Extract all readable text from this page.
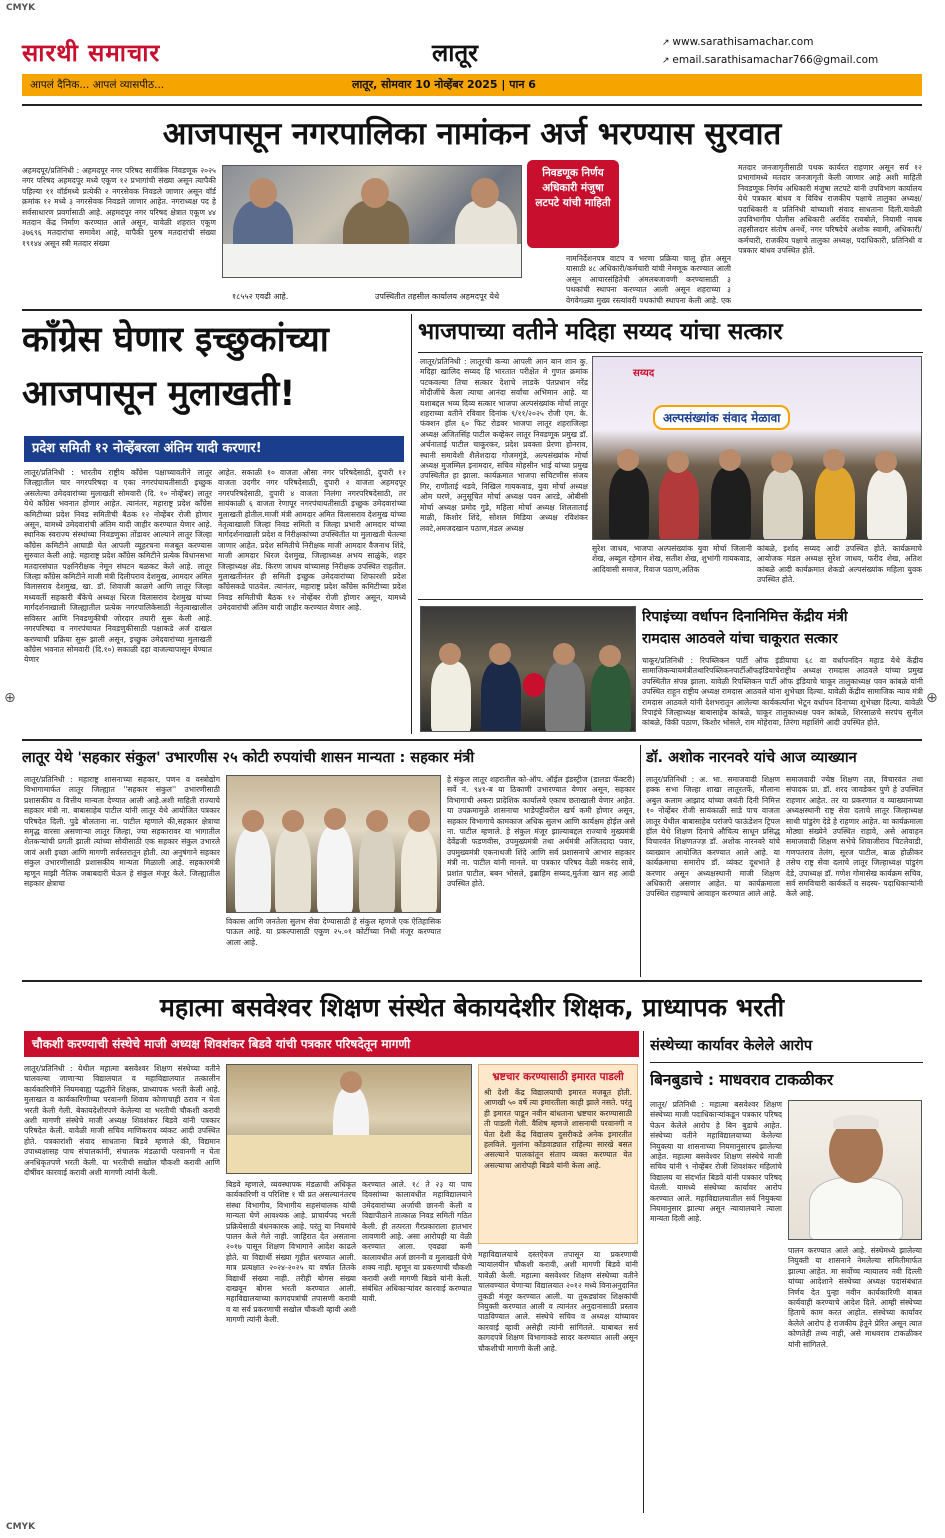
CMYK
सारथी समाचार	लातूर	↗ www.sarathisamachar.com
↗ email.sarathisamachar766@gmail.com
आपलं दैनिक... आपलं व्यासपीठ...	लातूर, सोमवार 10 नोव्हेंबर 2025 | पान 6
आजपासून नगरपालिका नामांकन अर्ज भरण्यास सुरवात
अहमदपूर/प्रतिनिधी : अहमदपूर नगर परिषद सार्वत्रिक निवडणूक २०२५ नगर परिषद अहमदपूर मध्ये एकूण १२ प्रभागांची संख्या असून त्यापैकी पहिल्या ११ वॉर्डमध्ये प्रत्येकी २ नगरसेवक निवडले जाणार असून वॉर्ड क्रमांक १२ मध्ये ३ नगरसेवक निवडले जाणार आहेत. नगराध्यक्ष पद हे सर्वसाधारण प्रवर्गासाठी आहे. अहमदपूर नगर परिषद क्षेत्रात एकूण ४४ मतदान केंद्र निर्माण करण्यात आले असून, यावेळी शहरात एकूण ३७६९६ मतदारांचा समावेश आहे, यापैकी पुरुष मतदारांची संख्या १९१४४ असून स्त्री मतदार संख्या
१८५५२ एवढी आहे.	उपस्थितीत तहसील कार्यालय अहमदपूर येथे
निवडणूक निर्णय अधिकारी मंजुषा लटपटे यांची माहिती
नामनिर्देशनपत्र वाटप व भरणा प्रक्रिया चालू होत असून यासाठी ४८ अधिकारी/कर्मचारी यांची नेमणूक करण्यात आली असून आचारसंहितेची अंमलबजावणी करण्यासाठी ३ पथकांची स्थापना करण्यात आली असून शहराच्या ३ वेगवेगळ्या मुख्य रस्त्यांवरी पथकांची स्थापना केली आहे. एक
मतदार जनजागृतीसाठी पथक कार्यरत राहणार असून सर्व १२ प्रभागांमध्ये मतदार जनजागृती केली जाणार आहे अशी माहिती निवडणूक निर्णय अधिकारी मंजुषा लटपटे यांनी उपविभाग कार्यालय येथे पत्रकार बांधव व विविध राजकीय पक्षाचे तालुका अध्यक्ष/पदाधिकारी व प्रतिनिधी यांच्याशी संवाद साधताना दिली.यावेळी उपविभागीय पोलीस अधिकारी अरविंद रायबोले, नियामी नायब तहसीलदार संतोष अनर्थे, नगर परिषदेचे अशोक स्वामी, अधिकारी/कर्मचारी, राजकीय पक्षाचे तालुका अध्यक्ष, पदाधिकारी, प्रतिनिधी व पत्रकार बांधव उपस्थित होते.
काँग्रेस घेणार इच्छुकांच्या
आजपासून मुलाखती!
प्रदेश समिती १२ नोव्हेंबरला अंतिम यादी करणार!
लातूर/प्रतिनिधी : भारतीय राष्ट्रीय काँग्रेस पक्षाच्यावतीने लातूर जिल्ह्यातील चार नगरपरिषदा व एका नगरपंचायतीसाठी इच्छुक असलेल्या उमेदवारांच्या मुलाखती सोमवारी (दि. १० नोव्हेंबर) लातूर येथे काँग्रेस भवनात होणार आहेत. त्यानंतर, महाराष्ट्र प्रदेश काँग्रेस कमिटीच्या प्रदेश निवड समितीची बैठक १२ नोव्हेंबर रोजी होणार असून, यामध्ये उमेदवारांची अंतिम यादी जाहीर करण्यात येणार आहे. स्थानिक स्वराज्य संस्थांच्या निवडणुका तोंडावर आल्याने लातूर जिल्हा काँग्रेस कमिटीने आघाडी घेत आपली व्यूहरचना मजबूत करण्यास सुरुवात केली आहे. महाराष्ट्र प्रदेश काँग्रेस कमिटीने प्रत्येक विधानसभा मतदारसंघात पक्षनिरीक्षक नेमून संघटन बळकट केले आहे. लातूर जिल्हा काँग्रेस कमिटीने माजी मंत्री दिलीपराव देशमुख, आमदार अमित विलासराव देशमुख, खा. डॉ. शिवाजी काळगे आणि लातूर जिल्हा मध्यवर्ती सहकारी बँकेचे अध्यक्ष धिरज विलासराव देशमुख यांच्या मार्गदर्शनाखाली जिल्ह्यातील प्रत्येक नगरपालिकेसाठी नेतृत्वाखालील सविस्तर आणि निवडणुकीची जोरदार तयारी सुरू केली आहे. नगरपरिषदा व नगरपंचायत निवडणुकीसाठी पक्षाकडे अर्ज दाखल करण्याची प्रक्रिया सुरू झाली असून, इच्छुक उमेदवारांच्या मुलाखती काँग्रेस भवनात सोमवारी (दि.१०) सकाळी दहा वाजल्यापासून घेण्यात येणार
आहेत. सकाळी १० वाजता औसा नगर परिषदेसाठी, दुपारी १२ वाजता उदगीर नगर परिषदेसाठी, दुपारी २ वाजता अहमदपूर नगरपरिषदेसाठी, दुपारी ४ वाजता निलंगा नगरपरिषदेसाठी, तर सायंकाळी ६ वाजता रेणापूर नगरपंचायतीसाठी इच्छुक उमेदवारांच्या मुलाखती होतील.माजी मंत्री आमदार अमित विलासराव देशमुख यांच्या नेतृत्वाखाली जिल्हा निवड समिती व जिल्हा प्रभारी आमदार यांच्या मार्गदर्शनाखाली प्रदेश व निरीक्षकांच्या उपस्थितीत या मुलाखती घेतल्या जाणार आहेत. प्रदेश समितीचे निरीक्षक माजी आमदार वैजनाथ शिंदे, माजी आमदार धिरज देशमुख, जिल्हाध्यक्ष अभय साळुंके, शहर जिल्हाध्यक्ष ॲड. किरण जाधव यांच्यासह निरीक्षक उपस्थित राहतील. मुलाखतीनंतर ही समिती इच्छुक उमेदवारांच्या शिफारशी प्रदेश काँग्रेसकडे पाठवेल. त्यानंतर, महाराष्ट्र प्रदेश काँग्रेस कमिटीच्या प्रदेश निवड समितीची बैठक १२ नोव्हेंबर रोजी होणार असून, यामध्ये उमेदवारांची अंतिम यादी जाहीर करण्यात येणार आहे.
भाजपाच्या वतीने मदिहा सय्यद यांचा सत्कार
लातूर/प्रतिनिधी : लातूरची कन्या आपली आन बान शान कु. मदिहा खालिद सय्यद हि भारतात परीक्षेत मे गुणत क्रमांक पटकवल्या तिचा सत्कार देशाचे लाडके पंतप्रधान नरेंद्र मोदीजींचे केला त्याचा आनंदा सर्वांचा अभिमान आहे. या यशाबद्दल भव्य दिव्य सत्कार भाजपा अल्पसंख्यांक मोर्चा लातूर शहराच्या वतीने रविवार दिनांक ९/११/२०२५ रोजी एम. के. फंक्शन हॉल ६० फिट रोडवर भाजपा लातूर शहराजिल्हा अध्यक्ष अजितसिंह पाटील कव्हेकर लातूर निवडणूक प्रमुख डॉ. अर्चनाताई पाटील चाकूरकर, प्रदेश प्रवक्ता प्रेरणा होनराव, स्थानी समावेशी शैलेशदादा गोजमगुंडे, अल्पसंख्यांक मोर्चा अध्यक्ष मुजम्मिल इनामदार, सचिव मोहसीन भाई यांच्या प्रमुख उपस्थितीत हा झाला. कार्यक्रमात भाजपा सचिटणीस संजय गिर, राणीताई थडवे, निखिल गायकवाड, युवा मोर्चा अध्यक्ष ओम घरणे, अनुसूचित मोर्चा अध्यक्ष पवन आरडे, ओबीसी मोर्चा अध्यक्ष प्रमोद गुडे, महिला मोर्चा अध्यक्ष शिलताताई माळी, किशोर शिंदे, सोशल मिडिया अध्यक्ष रविशंकर लवटे,अमजदखान पठाण,मंडल अध्यक्ष
सय्यद
अल्पसंख्यांक संवाद मेळावा
सुरेश जाधव, भाजपा अल्पसंख्यांक युवा मोर्चा जिलानी शेख, अब्दुल रहेमान शेख, सतीश शेख, शुभांगी गायकवाड, आदिवासी समाज, रिवाज पठाण,अतिक
कांबळे, इर्शाद सय्यद आदी उपस्थित होते. कार्यक्रमाचे आयोजक मंडल अध्यक्ष सुरेश जाधव, फरीद शेख, अतिश कांबळे आदी कार्यक्रमात शेकडो अल्पसंख्यांक महिला युवक उपस्थित होते.
रिपाइंच्या वर्धापन दिनानिमित्त केंद्रीय मंत्री
रामदास आठवले यांचा चाकूरात सत्कार
चाकूर/प्रतिनिधी : रिपब्लिकन पार्टी ऑफ इंडीयाचा ६८ वा वर्धापनदिन महाड येथे केंद्रीय सामाजिकन्यायमंत्रीतथारिपब्लिकनपार्टीऑफइंडियाचेराष्ट्रीय अध्यक्ष रामदास आठवले यांच्या प्रमुख उपस्थितीत संपन्न झाला. यावेळी रिपब्लिकन पार्टी ऑफ इंडियाचे चाकूर तालुकाध्यक्ष पवन कांबळे यांनी उपस्थित राहून राष्ट्रीय अध्यक्ष रामदास आठवले यांना शुभेच्छा दिल्या. यावेळी केंद्रीय सामाजिक न्याय मंत्री रामदास आठवले यांनी देशभरातून आलेल्या कार्यकर्त्यांना भेटून वर्धापन दिनाच्या शुभेच्छा दिल्या. यावेळी रिपाइंचे जिल्हाध्यक्ष बाबासाहेब कांबळे, चाकूर तालुकाध्यक्ष पवन कांबळे, शिरसाळचे सरपंच सुनील कांबळे, विकी पठाण, किशोर भोसले, राम मोहेरावा, तिरंगा महाशिंगे आदी उपस्थित होते.
लातूर येथे 'सहकार संकुल' उभारणीस २५ कोटी रुपयांची शासन मान्यता : सहकार मंत्री
लातूर/प्रतिनिधी : महाराष्ट्र शासनाच्या सहकार, पणन व वस्त्रोद्योग विभागामार्फत लातूर जिल्ह्यात ''सहकार संकुल'' उभारणीसाठी प्रशासकीय व वित्तीय मान्यता देण्यात आली आहे.अशी माहिती राज्याचे सहकार मंत्री ना. बाबासाहेब पाटील यांनी लातूर येथे आयोजित पत्रकार परिषदेत दिली. पुढे बोलताना ना. पाटील म्हणाले की,सहकार क्षेत्राचा समृद्ध वारसा असणाऱ्या लातूर जिल्हा, ज्या सहकारावर या भागातील शेतकऱ्यांची प्रगती झाली त्यांच्या सोयीसाठी एक सहकार संकुल उभारले जावं अशी इच्छा आणि मागणी सर्वस्तरातून होती. त्या अनुषंगाने सहकार संकुल उभारणीसाठी प्रशासकीय मान्यता मिळाली आहे. सहकारमंत्री म्हणून माझी नैतिक जबाबदारी घेऊन हे संकुल मंजूर केले. जिल्ह्यातील सहकार क्षेत्राचा
विकास आणि जनतेला सुलभ सेवा देण्यासाठी हे संकुल म्हणजे एक ऐतिहासिक पाऊल आहे. या प्रकल्पासाठी एकूण २५.०१ कोटींच्या निधी मंजूर करण्यात आला आहे.
हे संकुल लातूर शहरातील को-ऑप. ऑईल इंडस्ट्रीज (डालडा फॅक्टरी) सर्वे नं. ९४१-ब या ठिकाणी उभारण्यात येणार असून, सहकार विभागाची अकरा प्रादेशिक कार्यालये एकाच छताखाली येणार आहेत. या उपक्रमामुळे शासनाचा भाडेपट्टीवरील खर्च कमी होणार असून, सहकार विभागाचे कामकाज अधिक सुलभ आणि कार्यक्षम होईल असे ना. पाटील म्हणाले. हे संकुल मंजूर झाल्याबद्दल राज्याचे मुख्यमंत्री देवेंद्रजी फडणवीस, उपमुख्यमंत्री तथा अर्थमंत्री अजितदादा पवार, उपमुख्यमंत्री एकनाथजी शिंदे आणि सर्व प्रशासनाचे आभार सहकार मंत्री ना. पाटील यांनी मानले. या पत्रकार परिषद वेळी मकरंद सावे, प्रशांत पाटील, बबन भोसले, इब्राहिम सय्यद,मुर्तजा खान सह आदी उपस्थित होते.
डॉ. अशोक नारनवरे यांचे आज व्याख्यान
लातूर/प्रतिनिधी : अ. भा. समाजवादी शिक्षण हक्क सभा जिल्हा शाखा लातूरतर्फे, मौलाना अबुल कलाम आझाद यांच्या जयंती दिनी निमित्त १० नोव्हेंबर रोजी सायंकाळी साडे पाच वाजता लातूर येथील बाबासाहेब परांजपे फाऊंडेशन ट्रिपल हॉल येथे शिक्षण दिनाचे औचित्य साधून प्रसिद्ध विचारवंत शिक्षणतज्ज्ञ डॉ. अशोक नारनवरे यांचे व्याख्यान आयोजित करण्यात आले आहे. या कार्यक्रमाचा समारोप डॉ. व्यंकट दूधभाते हे करणार असून अध्यक्षस्थानी माजी शिक्षण अधिकारी असणार आहेत. या कार्यक्रमाला उपस्थित राहण्याचे आवाहन करण्यात आले आहे.
समाजवादी ज्येष्ठ शिक्षण तज्ञ, विचारवंत तथा संपादक प्रा. डॉ. शरद जावडेकर पुणे हे उपस्थित राहणार आहेत. तर या प्रकरणात व व्याख्यानाच्या अध्यक्षस्थानी राष्ट्र सेवा दलाचे लातूर जिल्हाध्यक्ष साथी पांडुरंग देडे हे राहणार आहेत. या कार्यक्रमाला मोठ्या संख्येने उपस्थित राहावे, असे आवाहन समाजवादी शिक्षण सभेचे शिवाजीराव चिटलेवाडी, गणपतराव तेलंग, सूरज पाटील, बाळ होळीकर तसेच राष्ट्र सेवा दलाचे लातूर जिल्हाध्यक्ष पांडुरंग देडे, उपाध्यक्ष डॉ. गणेश गोमासेख कार्यक्रम सचिव, सर्व समविचारी कार्यकर्ते व सदस्य- पदाधिकाऱ्यांनी केले आहे.
महात्मा बसवेश्वर शिक्षण संस्थेत बेकायदेशीर शिक्षक, प्राध्यापक भरती
चौकशी करण्याची संस्थेचे माजी अध्यक्ष शिवशंकर बिडवे यांची पत्रकार परिषदेतून मागणी
लातूर/प्रतिनिधी : येथील महात्मा बसवेश्वर शिक्षण संस्थेच्या वतीने चालवल्या जाणाऱ्या विद्यालयात व महाविद्यालयात तत्कालीन कार्यकारिणीने नियमबाह्य पद्धतीने शिक्षक, प्राध्यापक भरती केली आहे. मुलाखत व कार्यकारिणीच्या परवानगी शिवाय कोणाचाही ठराव न घेता भरती केली गेली. बेकायदेशीरपणे केलेल्या या भरतीची चौकशी करावी अशी मागणी संस्थेचे माजी अध्यक्ष शिवशंकर बिडवे यांनी पत्रकार परिषदेत केली. यावेळी माजी सचिव माणिकराव व्यंकट आदी उपस्थित होते. पत्रकारांशी संवाद साधताना बिडवे म्हणाले की, विद्यमान उपाध्यक्षासह पाच संचालकांनी, संचालक मंडळाची परवानगी न घेता अनधिकृतपणे भरती केली. या भरतीची सखोल चौकशी करावी आणि दोषींवर कारवाई करावी अशी मागणी त्यांनी केली.
बिडवे म्हणाले, व्यवस्थापक मंडळाची अधिकृत कार्यकारिणी व परिशिष्ट १ ची प्रत असल्यानंतरच संस्था विभागीय, विभागीय सहसंचालक यांची मान्यता घेणे आवश्यक आहे. प्राचार्यपद भरती प्रक्रियेसाठी बंधनकारक आहे. परंतु या नियमांचे पालन केले गेले नाही. जाहिरात देत असताना २०१७ पासून शिक्षण विभागाने आदेश काढले होते. या विद्यार्थी संख्या गृहीत धरण्यात आली. मात्र प्रत्यक्षात २०२४-२०२५ या वर्षात तितके विद्यार्थी संख्या नाही. तरीही बोगस संख्या दाखवून बोगस भरती करण्यात आली. महाविद्यालयाच्या कागदपत्रांची तपासणी करावी व या सर्व प्रकरणाची सखोल चौकशी व्हावी अशी मागणी त्यांनी केली.
करण्यात आले. १८ ते २३ या पाच दिवसांच्या कालावधीत महाविद्यालयाने उमेदवारांच्या अर्जाची छाननी केली व विद्यापीठाने तात्काळ निवड समिती गठित केली. ही तत्परता गैरप्रकाराला हातभार लावणारी आहे. असा आरोपही या वेळी करण्यात आला. एवढ्या कमी कालावधीत अर्ज छाननी व मुलाखती घेणे शक्य नाही. म्हणून या प्रकरणाची चौकशी करावी अशी मागणी बिडवे यांनी केली. संबंधित अधिकाऱ्यांवर कारवाई करण्यात यावी.
भ्रष्टचार करण्यासाठी इमारत पाडली
श्री देशी केंद्र विद्यालयाची इमारत मजबूत होती. आणखी ५० वर्षे त्या इमारतीला काही झाले नसते. परंतु ही इमारत पाडून नवीन बांधताना भ्रष्टचार करण्यासाठी ती पाडली गेली. वैशिष म्हणजे शासनाची परवानगी न घेता देशी केंद्र विद्यालय दुसरीकडे अनेक इमारतीत हलविले. मुलांना कोंडवाड्यात राहिल्या सारखे बसत असल्याने पालकांतून संताप व्यक्त करण्यात येत असल्याचा आरोपही बिडवे यांनी केला आहे.
महाविद्यालयाचे दस्तऐवज तपासून या प्रकरणाची न्यायालयीन चौकशी करावी, अशी मागणी बिडवे यांनी यावेळी केली. महात्मा बसवेश्वर शिक्षण संस्थेच्या वतीने चालवण्यात येणाऱ्या विद्यालयात २०१२ मध्ये विनाअनुदानित तुकडी मंजूर करण्यात आली. या तुकड्यांवर शिक्षकांची नियुक्ती करण्यात आली व त्यानंतर अनुदानासाठी प्रस्ताव पाठविण्यात आले. संस्थेचे सचिव व अध्यक्ष यांच्यावर कारवाई व्हावी असेही त्यांनी सांगितले. याबाबत सर्व कागदपत्रे शिक्षण विभागाकडे सादर करण्यात आली असून चौकशीची मागणी केली आहे.
संस्थेच्या कार्यावर केलेले आरोप
बिनबुडाचे : माधवराव टाकळीकर
लातूर/ प्रतिनिधी : महात्मा बसवेश्वर शिक्षण संस्थेच्या माजी पदाधिकाऱ्यांकडून पत्रकार परिषद घेऊन केलेले आरोप हे बिन बुडाचे आहेत. संस्थेच्या वतीने महाविद्यालयाच्या केलेल्या नियुक्त्या या शासनाच्या नियमानुसारच झालेल्या आहेत. महात्मा बसवेश्वर शिक्षण संस्थेचे माजी सचिव यांनी ९ नोव्हेंबर रोजी शिवशंकर महिलांचे विद्यालय या संदर्भात बिडवे यांनी पत्रकार परिषद घेतली. यामध्ये संस्थेच्या कार्यावर आरोप करण्यात आले. महाविद्यालयातील सर्व नियुक्त्या नियमानुसार झाल्या असून न्यायालयाने त्याला मान्यता दिली आहे.
पालन करण्यात आले आहे. संस्थेमध्ये झालेल्या नियुक्ती या शासनाने नेमलेल्या समितीमार्फत झाल्या आहेत. मा सर्वोच्च न्यायालय नवी दिल्ली यांच्या आदेशाने संस्थेच्या अध्यक्ष पदासंबंधात निर्णय देत पुन्हा नवीन कार्यकारिणी बाबत कार्यवाही करण्याचे आदेश दिले. आम्ही संस्थेच्या हिताचे काम करत आहोत. संस्थेच्या कार्यावर केलेले आरोप हे राजकीय हेतूने प्रेरित असून त्यात कोणतेही तथ्य नाही, असे माधवराव टाकळीकर यांनी सांगितले.
⊕	⊕
CMYK
